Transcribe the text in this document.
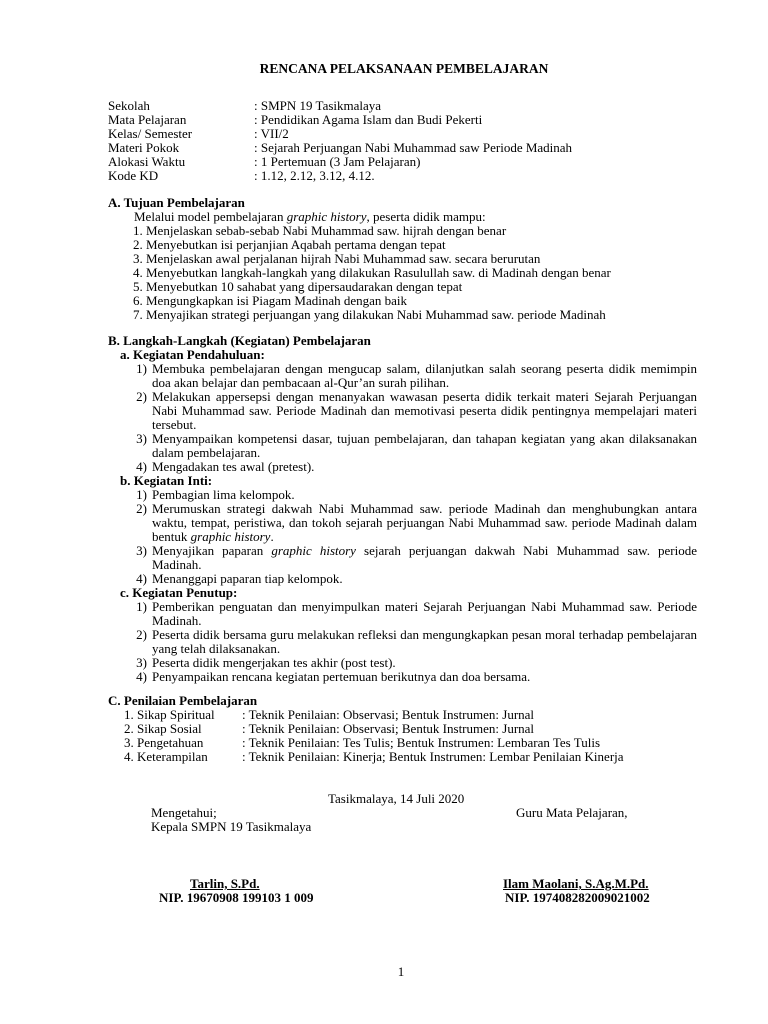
RENCANA PELAKSANAAN PEMBELAJARAN
Sekolah	: SMPN 19 Tasikmalaya
Mata Pelajaran	: Pendidikan Agama Islam dan Budi Pekerti
Kelas/ Semester	: VII/2
Materi Pokok	: Sejarah Perjuangan Nabi Muhammad saw Periode Madinah
Alokasi Waktu	: 1 Pertemuan (3 Jam Pelajaran)
Kode KD	: 1.12, 2.12, 3.12, 4.12.
A. Tujuan Pembelajaran
Melalui model pembelajaran graphic history, peserta didik mampu:
1. Menjelaskan sebab-sebab Nabi Muhammad saw. hijrah dengan benar
2. Menyebutkan isi perjanjian Aqabah pertama dengan tepat
3. Menjelaskan awal perjalanan hijrah Nabi Muhammad saw. secara berurutan
4. Menyebutkan langkah-langkah yang dilakukan Rasulullah saw. di Madinah dengan benar
5. Menyebutkan 10 sahabat yang dipersaudarakan dengan tepat
6. Mengungkapkan isi Piagam Madinah dengan baik
7. Menyajikan strategi perjuangan yang dilakukan Nabi Muhammad saw. periode Madinah
B. Langkah-Langkah (Kegiatan) Pembelajaran
a. Kegiatan Pendahuluan:
1) Membuka pembelajaran dengan mengucap salam, dilanjutkan salah seorang peserta didik memimpin doa akan belajar dan pembacaan al-Qur’an surah pilihan.
2) Melakukan appersepsi dengan menanyakan wawasan peserta didik terkait materi Sejarah Perjuangan Nabi Muhammad saw. Periode Madinah dan memotivasi peserta didik pentingnya mempelajari materi tersebut.
3) Menyampaikan kompetensi dasar, tujuan pembelajaran, dan tahapan kegiatan yang akan dilaksanakan dalam pembelajaran.
4) Mengadakan tes awal (pretest).
b. Kegiatan Inti:
1) Pembagian lima kelompok.
2) Merumuskan strategi dakwah Nabi Muhammad saw. periode Madinah dan menghubungkan antara waktu, tempat, peristiwa, dan tokoh sejarah perjuangan Nabi Muhammad saw. periode Madinah dalam bentuk graphic history.
3) Menyajikan paparan graphic history sejarah perjuangan dakwah Nabi Muhammad saw. periode Madinah.
4) Menanggapi paparan tiap kelompok.
c. Kegiatan Penutup:
1) Pemberikan penguatan dan menyimpulkan materi Sejarah Perjuangan Nabi Muhammad saw. Periode Madinah.
2) Peserta didik bersama guru melakukan refleksi dan mengungkapkan pesan moral terhadap pembelajaran yang telah dilaksanakan.
3) Peserta didik mengerjakan tes akhir (post test).
4) Penyampaikan rencana kegiatan pertemuan berikutnya dan doa bersama.
C. Penilaian Pembelajaran
1. Sikap Spiritual	: Teknik Penilaian: Observasi; Bentuk Instrumen: Jurnal
2. Sikap Sosial	: Teknik Penilaian: Observasi; Bentuk Instrumen: Jurnal
3. Pengetahuan	: Teknik Penilaian: Tes Tulis; Bentuk Instrumen: Lembaran Tes Tulis
4. Keterampilan	: Teknik Penilaian: Kinerja; Bentuk Instrumen: Lembar Penilaian Kinerja
Tasikmalaya, 14 Juli 2020
Mengetahui;
Kepala SMPN 19 Tasikmalaya
Guru Mata Pelajaran,
Tarlin, S.Pd.
NIP. 19670908 199103 1 009
Ilam Maolani, S.Ag.M.Pd.
NIP. 197408282009021002
1
